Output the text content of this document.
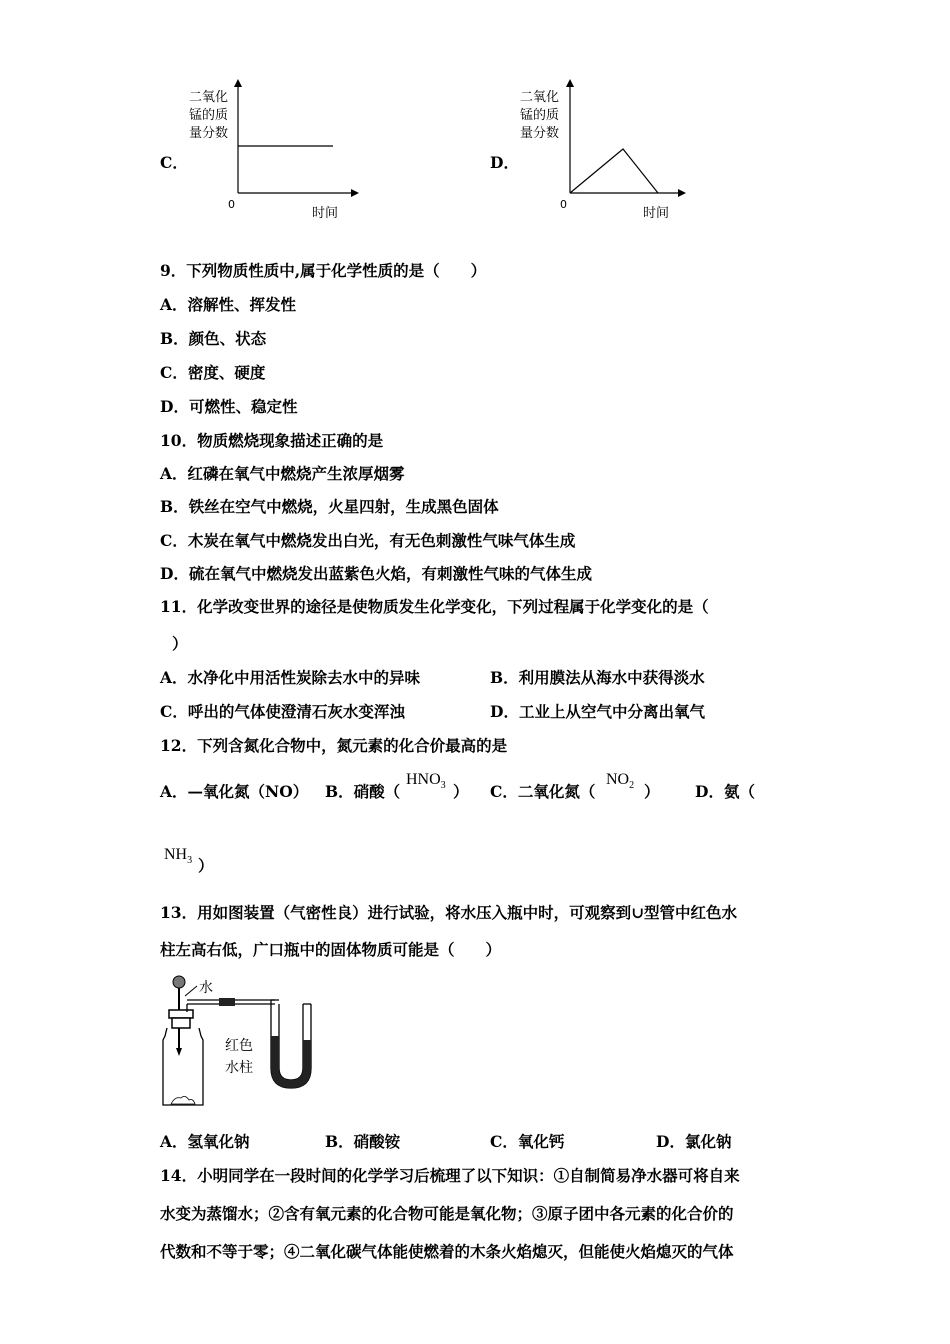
C．
二氧化
锰的质
量分数
0
时间
D．
二氧化
锰的质
量分数
0
时间
9．下列物质性质中,属于化学性质的是（　　）
A．溶解性、挥发性
B．颜色、状态
C．密度、硬度
D．可燃性、稳定性
10．物质燃烧现象描述正确的是
A．红磷在氧气中燃烧产生浓厚烟雾
B．铁丝在空气中燃烧，火星四射，生成黑色固体
C．木炭在氧气中燃烧发出白光，有无色刺激性气味气体生成
D．硫在氧气中燃烧发出蓝紫色火焰，有刺激性气味的气体生成
11．化学改变世界的途径是使物质发生化学变化，下列过程属于化学变化的是（
）
A．水净化中用活性炭除去水中的异味	B．利用膜法从海水中获得淡水
C．呼出的气体使澄清石灰水变浑浊	D．工业上从空气中分离出氧气
12．下列含氮化合物中，氮元素的化合价最高的是
A．—氧化氮（NO） B．硝酸（
$HNO_3$ ） C．二氧化氮（
$NO_2$ ） D．氨（
$NH_3$ ）
13．用如图装置（气密性良）进行试验，将水压入瓶中时，可观察到∪型管中红色水
柱左高右低，广口瓶中的固体物质可能是（　　）
水
红色
水柱
A．氢氧化钠	B．硝酸铵	C．氧化钙	D．氯化钠
14．小明同学在一段时间的化学学习后梳理了以下知识：①自制简易净水器可将自来
水变为蒸馏水；②含有氧元素的化合物可能是氧化物；③原子团中各元素的化合价的
代数和不等于零；④二氧化碳气体能使燃着的木条火焰熄灭，但能使火焰熄灭的气体
